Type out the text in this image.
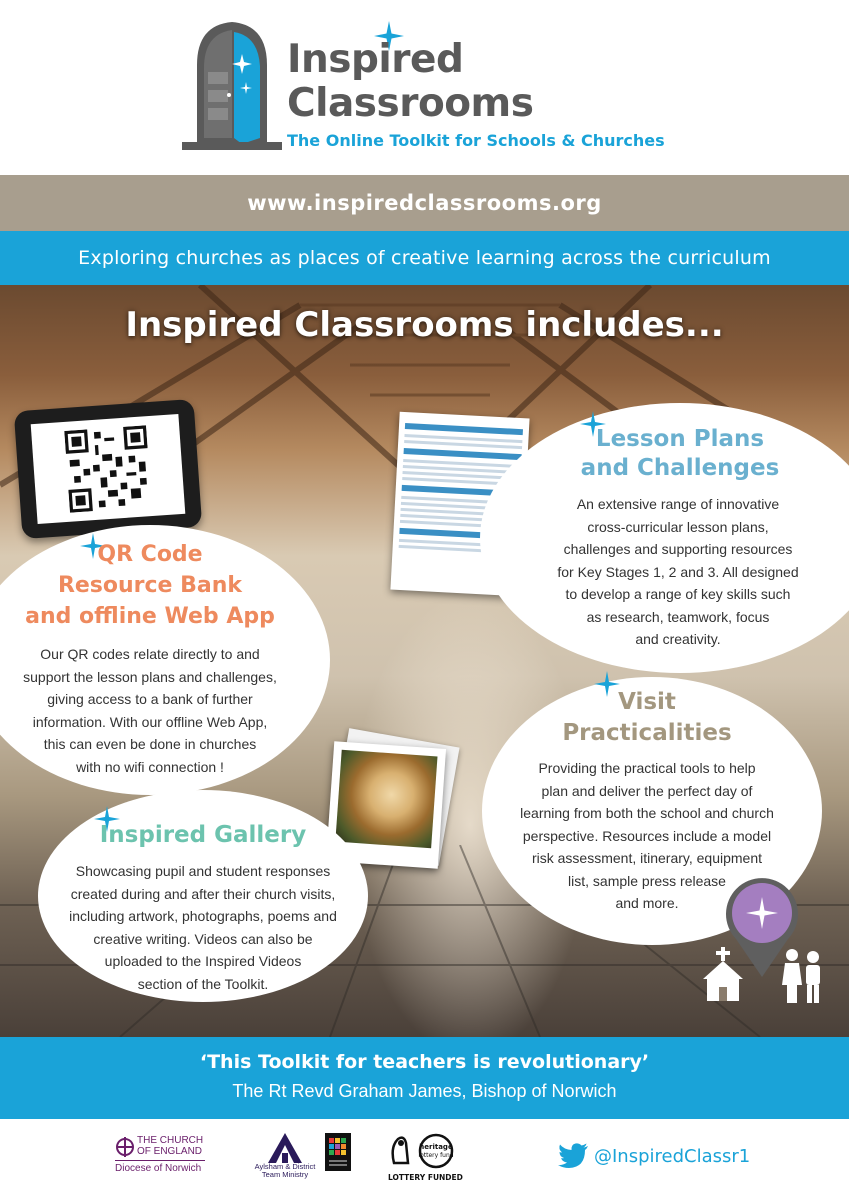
Inspired
Classrooms
The Online Toolkit for Schools & Churches
www.inspiredclassrooms.org
Exploring churches as places of creative learning across the curriculum
Inspired Classrooms includes...
Lesson Plans
and Challenges
An extensive range of innovative
cross-curricular lesson plans,
challenges and supporting resources
for Key Stages 1, 2 and 3. All designed
to develop a range of key skills such
as research, teamwork, focus
and creativity.
QR Code
Resource Bank
and offline Web App
Our QR codes relate directly to and
support the lesson plans and challenges,
giving access to a bank of further
information. With our offline Web App,
this can even be done in churches
with no wifi connection !
Visit
Practicalities
Providing the practical tools to help
plan and deliver the perfect day of
learning from both the school and church
perspective. Resources include a model
risk assessment, itinerary, equipment
list, sample press release
and more.
Inspired Gallery
Showcasing pupil and student responses
created during and after their church visits,
including artwork, photographs, poems and
creative writing. Videos can also be
uploaded to the Inspired Videos
section of the Toolkit.
‘This Toolkit for teachers is revolutionary’
The Rt Revd Graham James, Bishop of Norwich
THE CHURCH
OF ENGLAND
Diocese of Norwich	Aylsham & District
Team Ministry
heritage
lottery fund
LOTTERY FUNDED
@InspiredClassr1
